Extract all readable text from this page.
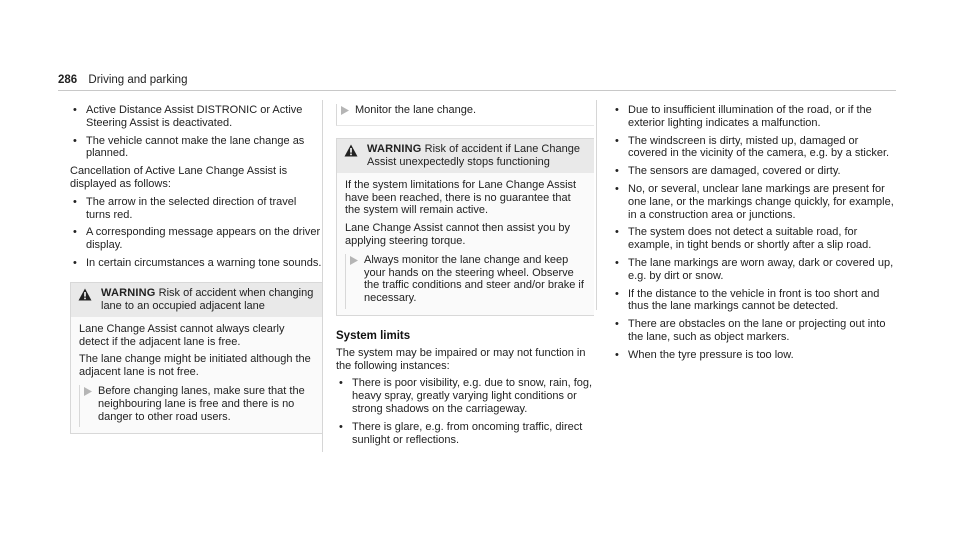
286 Driving and parking
• Active Distance Assist DISTRONIC or Active Steering Assist is deactivated.
• The vehicle cannot make the lane change as planned.

Cancellation of Active Lane Change Assist is displayed as follows:

• The arrow in the selected direction of travel turns red.
• A corresponding message appears on the driver display.
• In certain circumstances a warning tone sounds.
WARNING Risk of accident when changing lane to an occupied adjacent lane

Lane Change Assist cannot always clearly detect if the adjacent lane is free.

The lane change might be initiated although the adjacent lane is not free.

Before changing lanes, make sure that the neighbouring lane is free and there is no danger to other road users.
Monitor the lane change.
WARNING Risk of accident if Lane Change Assist unexpectedly stops functioning

If the system limitations for Lane Change Assist have been reached, there is no guarantee that the system will remain active.

Lane Change Assist cannot then assist you by applying steering torque.

Always monitor the lane change and keep your hands on the steering wheel. Observe the traffic conditions and steer and/or brake if necessary.
System limits

The system may be impaired or may not function in the following instances:

• There is poor visibility, e.g. due to snow, rain, fog, heavy spray, greatly varying light conditions or strong shadows on the carriageway.
• There is glare, e.g. from oncoming traffic, direct sunlight or reflections.
• Due to insufficient illumination of the road, or if the exterior lighting indicates a malfunction.
• The windscreen is dirty, misted up, damaged or covered in the vicinity of the camera, e.g. by a sticker.
• The sensors are damaged, covered or dirty.
• No, or several, unclear lane markings are present for one lane, or the markings change quickly, for example, in a construction area or junctions.
• The system does not detect a suitable road, for example, in tight bends or shortly after a slip road.
• The lane markings are worn away, dark or covered up, e.g. by dirt or snow.
• If the distance to the vehicle in front is too short and thus the lane markings cannot be detected.
• There are obstacles on the lane or projecting out into the lane, such as object markers.
• When the tyre pressure is too low.
